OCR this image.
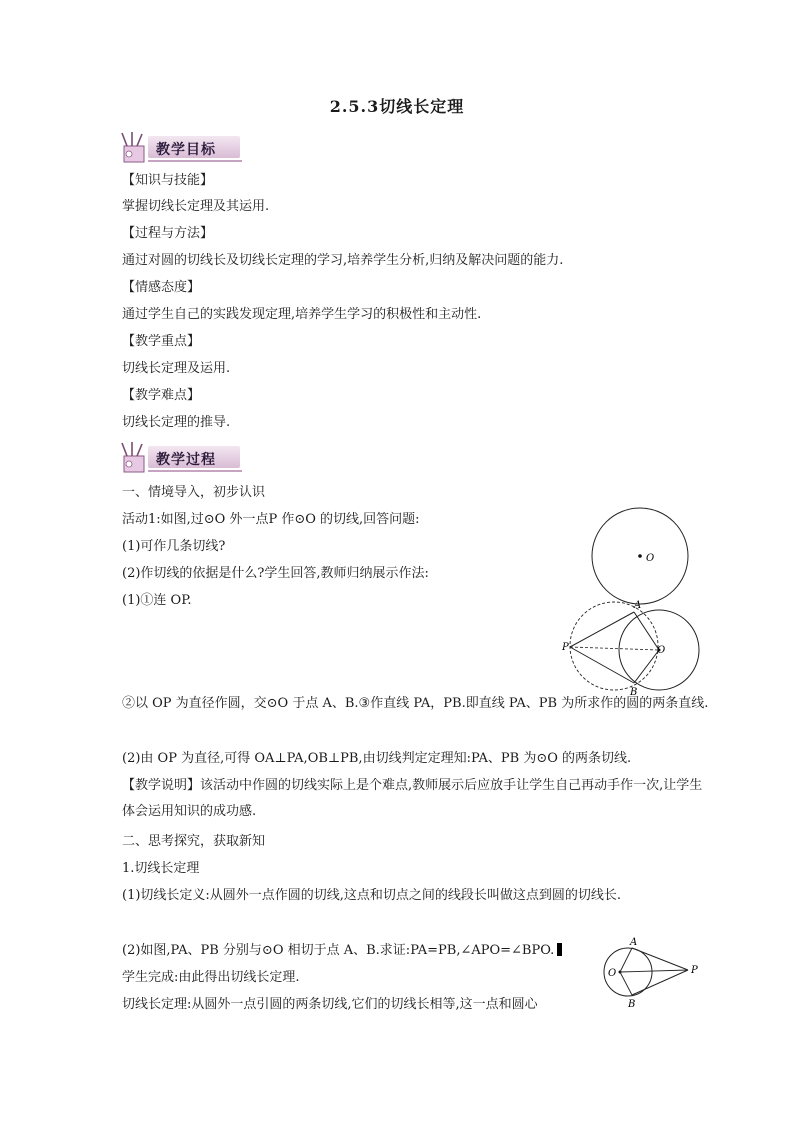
2.5.3切线长定理
教学目标
【知识与技能】
掌握切线长定理及其运用.
【过程与方法】
通过对圆的切线长及切线长定理的学习,培养学生分析,归纳及解决问题的能力.
【情感态度】
通过学生自己的实践发现定理,培养学生学习的积极性和主动性.
【教学重点】
切线长定理及运用.
【教学难点】
切线长定理的推导.
教学过程
一、情境导入，初步认识
活动1:如图,过⊙O 外一点P 作⊙O 的切线,回答问题:
(1)可作几条切线?
(2)作切线的依据是什么?学生回答,教师归纳展示作法:
(1)①连 OP.
②以 OP 为直径作圆，交⊙O 于点 A、B.③作直线 PA，PB.即直线 PA、PB 为所求作的圆的两条直线.
(2)由 OP 为直径,可得 OA⊥PA,OB⊥PB,由切线判定定理知:PA、PB 为⊙O 的两条切线.
【教学说明】该活动中作圆的切线实际上是个难点,教师展示后应放手让学生自己再动手作一次,让学生体会运用知识的成功感.
二、思考探究，获取新知
1.切线长定理
(1)切线长定义:从圆外一点作圆的切线,这点和切点之间的线段长叫做这点到圆的切线长.
(2)如图,PA、PB 分别与⊙O 相切于点 A、B.求证:PA=PB,∠APO=∠BPO.
学生完成:由此得出切线长定理.
切线长定理:从圆外一点引圆的两条切线,它们的切线长相等,这一点和圆心
O
A
B
P	O
A
B
P
O
